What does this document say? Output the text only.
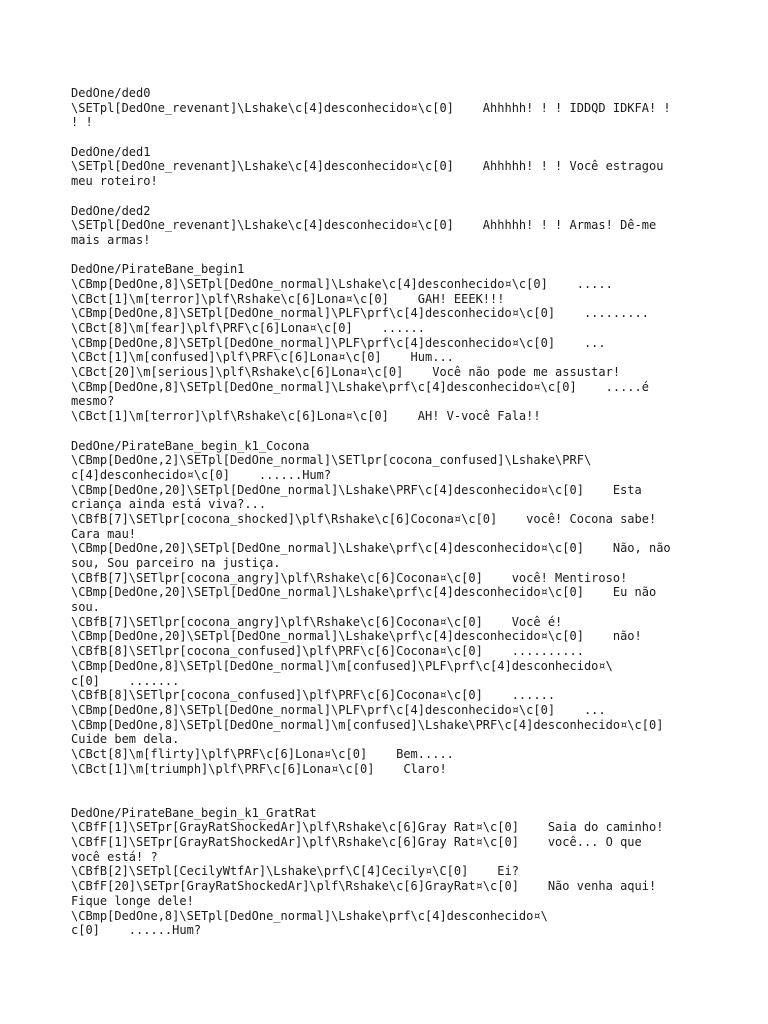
DedOne/ded0
\SETpl[DedOne_revenant]\Lshake\c[4]desconhecido¤\c[0]    Ahhhhh! ! ! IDDQD IDKFA! !
! !
DedOne/ded1
\SETpl[DedOne_revenant]\Lshake\c[4]desconhecido¤\c[0]    Ahhhhh! ! ! Você estragou
meu roteiro!
DedOne/ded2
\SETpl[DedOne_revenant]\Lshake\c[4]desconhecido¤\c[0]    Ahhhhh! ! ! Armas! Dê-me
mais armas!
DedOne/PirateBane_begin1
\CBmp[DedOne,8]\SETpl[DedOne_normal]\Lshake\c[4]desconhecido¤\c[0]    .....
\CBct[1]\m[terror]\plf\Rshake\c[6]Lona¤\c[0]    GAH! EEEK!!!
\CBmp[DedOne,8]\SETpl[DedOne_normal]\PLF\prf\c[4]desconhecido¤\c[0]    .........
\CBct[8]\m[fear]\plf\PRF\c[6]Lona¤\c[0]    ......
\CBmp[DedOne,8]\SETpl[DedOne_normal]\PLF\prf\c[4]desconhecido¤\c[0]    ...
\CBct[1]\m[confused]\plf\PRF\c[6]Lona¤\c[0]    Hum...
\CBct[20]\m[serious]\plf\Rshake\c[6]Lona¤\c[0]    Você não pode me assustar!
\CBmp[DedOne,8]\SETpl[DedOne_normal]\Lshake\prf\c[4]desconhecido¤\c[0]    .....é
mesmo?
\CBct[1]\m[terror]\plf\Rshake\c[6]Lona¤\c[0]    AH! V-você Fala!!
DedOne/PirateBane_begin_k1_Cocona
\CBmp[DedOne,2]\SETpl[DedOne_normal]\SETlpr[cocona_confused]\Lshake\PRF\
c[4]desconhecido¤\c[0]    ......Hum?
\CBmp[DedOne,20]\SETpl[DedOne_normal]\Lshake\PRF\c[4]desconhecido¤\c[0]    Esta
criança ainda está viva?...
\CBfB[7]\SETlpr[cocona_shocked]\plf\Rshake\c[6]Cocona¤\c[0]    você! Cocona sabe!
Cara mau!
\CBmp[DedOne,20]\SETpl[DedOne_normal]\Lshake\prf\c[4]desconhecido¤\c[0]    Não, não
sou, Sou parceiro na justiça.
\CBfB[7]\SETlpr[cocona_angry]\plf\Rshake\c[6]Cocona¤\c[0]    você! Mentiroso!
\CBmp[DedOne,20]\SETpl[DedOne_normal]\Lshake\prf\c[4]desconhecido¤\c[0]    Eu não
sou.
\CBfB[7]\SETlpr[cocona_angry]\plf\Rshake\c[6]Cocona¤\c[0]    Você é!
\CBmp[DedOne,20]\SETpl[DedOne_normal]\Lshake\prf\c[4]desconhecido¤\c[0]    não!
\CBfB[8]\SETlpr[cocona_confused]\plf\PRF\c[6]Cocona¤\c[0]    ..........
\CBmp[DedOne,8]\SETpl[DedOne_normal]\m[confused]\PLF\prf\c[4]desconhecido¤\
c[0]    .......
\CBfB[8]\SETlpr[cocona_confused]\plf\PRF\c[6]Cocona¤\c[0]    ......
\CBmp[DedOne,8]\SETpl[DedOne_normal]\PLF\prf\c[4]desconhecido¤\c[0]    ...
\CBmp[DedOne,8]\SETpl[DedOne_normal]\m[confused]\Lshake\PRF\c[4]desconhecido¤\c[0]
Cuide bem dela.
\CBct[8]\m[flirty]\plf\PRF\c[6]Lona¤\c[0]    Bem.....
\CBct[1]\m[triumph]\plf\PRF\c[6]Lona¤\c[0]    Claro!
DedOne/PirateBane_begin_k1_GratRat
\CBfF[1]\SETpr[GrayRatShockedAr]\plf\Rshake\c[6]Gray Rat¤\c[0]    Saia do caminho!
\CBfF[1]\SETpr[GrayRatShockedAr]\plf\Rshake\c[6]Gray Rat¤\c[0]    você... O que
você está! ?
\CBfB[2]\SETpl[CecilyWtfAr]\Lshake\prf\C[4]Cecily¤\C[0]    Ei?
\CBfF[20]\SETpr[GrayRatShockedAr]\plf\Rshake\c[6]GrayRat¤\c[0]    Não venha aqui!
Fique longe dele!
\CBmp[DedOne,8]\SETpl[DedOne_normal]\Lshake\prf\c[4]desconhecido¤\
c[0]    ......Hum?
